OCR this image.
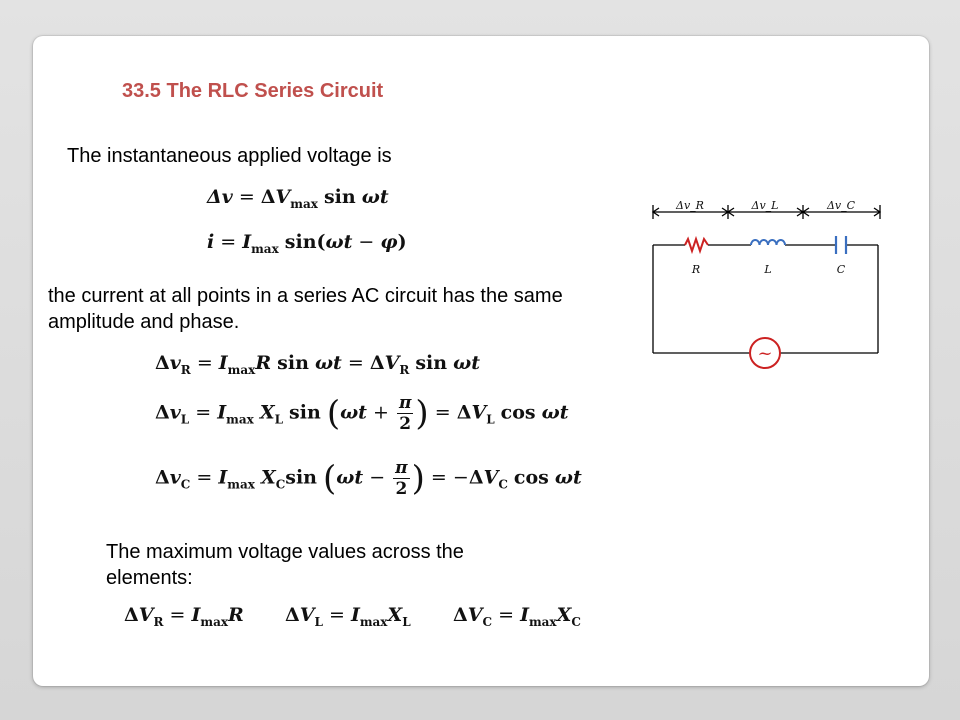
33.5 The RLC Series Circuit
The instantaneous applied voltage is
$\Delta v = \Delta V_{max}$ sin ωt
$i = I_{max}$ sin(ωt − φ)
the current at all points in a series AC circuit has the same amplitude and phase.
$\Delta v_R = I_{max}R$ $\sin \omega t = \Delta V_R$ sin ωt
$\Delta v_L = I_{max}$ $X_L$ $\sin (\omega t + \frac{\pi}{2}$ ) = $\Delta V_L$ cos ωt
$\Delta v_C = I_{max}$ $X_C\sin$ ($\omega t - \frac{\pi}{2}$ ) = $-\Delta V_C$ cos ωt
The maximum voltage values across the elements:
$\Delta V_R = I_{max}R$ $\Delta V_L = I_{max}X_L$ $\Delta V_C = I_{max}X_C$
~
Δv_R	Δv_L	Δv_C
R	L	C
